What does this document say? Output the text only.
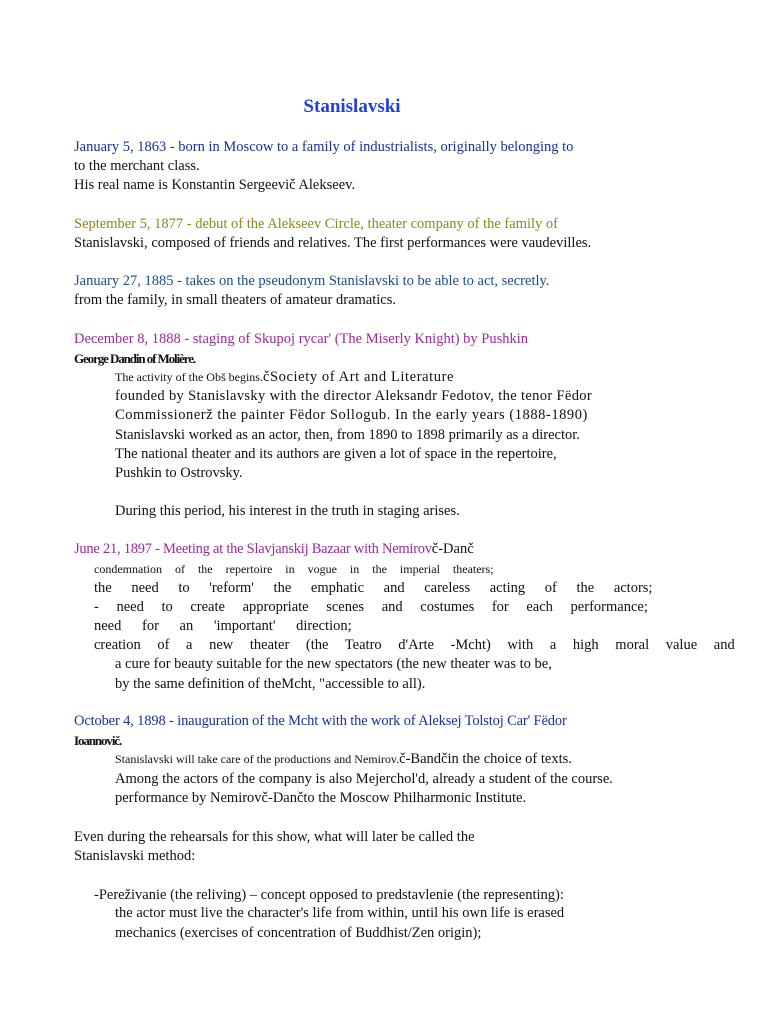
Stanislavski

January 5, 1863 - born in Moscow to a family of industrialists, originally belonging to

to the merchant class.

His real name is Konstantin Sergeevič Alekseev.

September 5, 1877 - debut of the Alekseev Circle, theater company of the family of

Stanislavski, composed of friends and relatives. The first performances were vaudevilles.

January 27, 1885 - takes on the pseudonym Stanislavski to be able to act, secretly.

from the family, in small theaters of amateur dramatics.

December 8, 1888 - staging of Skupoj rycar' (The Miserly Knight) by Pushkin

George Dandin of Molière.

The activity of the Obš begins.čSociety of Art and Literature

founded by Stanislavsky with the director Aleksandr Fedotov, the tenor Fëdor

Commissionerž the painter Fëdor Sollogub. In the early years (1888-1890)

Stanislavski worked as an actor, then, from 1890 to 1898 primarily as a director.

The national theater and its authors are given a lot of space in the repertoire,

Pushkin to Ostrovsky.

During this period, his interest in the truth in staging arises.

June 21, 1897 - Meeting at the Slavjanskij Bazaar with Nemirovč-Danč

condemnation of the repertoire in vogue in the imperial theaters;

the need to 'reform' the emphatic and careless acting of the actors;

- need to create appropriate scenes and costumes for each performance;

need for an 'important' direction;

creation of a new theater (the Teatro d'Arte -Mcht) with a high moral value and

a cure for beauty suitable for the new spectators (the new theater was to be,

by the same definition of theMcht, "accessible to all).

October 4, 1898 - inauguration of the Mcht with the work of Aleksej Tolstoj Car' Fëdor

Ioannovič.

Stanislavski will take care of the productions and Nemirov.č-Bandčin the choice of texts.

Among the actors of the company is also Mejerchol'd, already a student of the course.

performance by Nemirovč-Dančto the Moscow Philharmonic Institute.

Even during the rehearsals for this show, what will later be called the

Stanislavski method:

-Pereživanie (the reliving) – concept opposed to predstavlenie (the representing):

the actor must live the character's life from within, until his own life is erased

mechanics (exercises of concentration of Buddhist/Zen origin);
